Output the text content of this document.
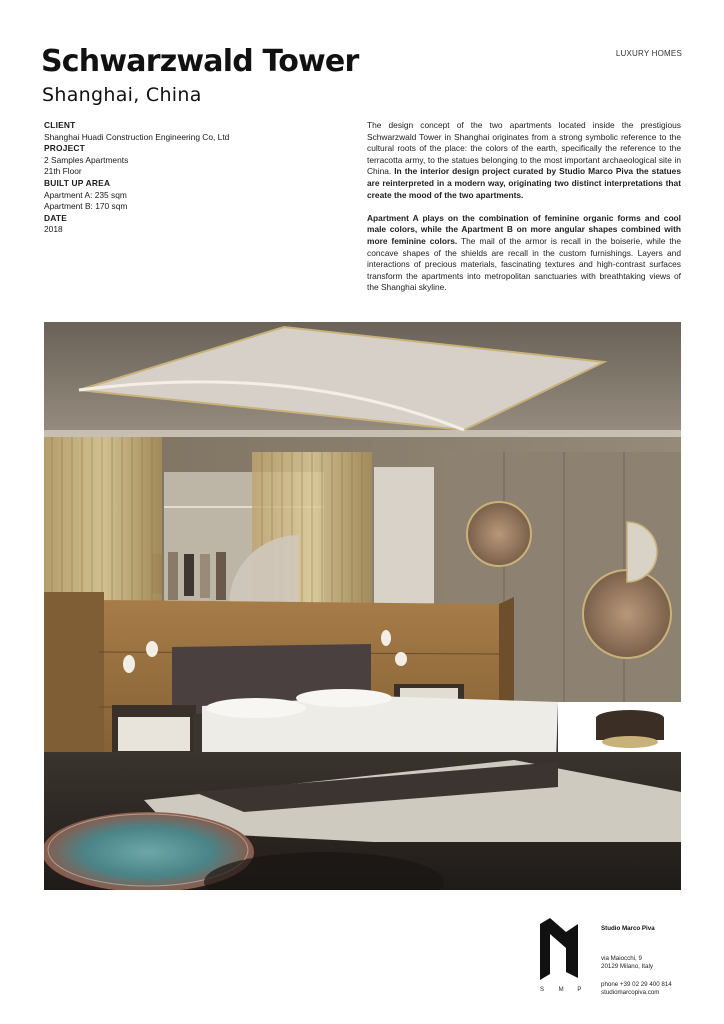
Schwarzwald Tower
Shanghai, China
LUXURY HOMES
CLIENT
Shanghai Huadi Construction Engineering Co, Ltd
PROJECT
2 Samples Apartments
21th Floor
BUILT UP AREA
Apartment A: 235 sqm
Apartment B: 170 sqm
DATE
2018

The design concept of the two apartments located inside the prestigious Schwarzwald Tower in Shanghai originates from a strong symbolic reference to the cultural roots of the place: the colors of the earth, specifically the reference to the terracotta army, to the statues belonging to the most important archaeological site in China. In the interior design project curated by Studio Marco Piva the statues are reinterpreted in a modern way, originating two distinct interpretations that create the mood of the two apartments.

Apartment A plays on the combination of feminine organic forms and cool male colors, while the Apartment B on more angular shapes combined with more feminine colors. The mail of the armor is recall in the boiserie, while the concave shapes of the shields are recall in the custom furnishings. Layers and interactions of precious materials, fascinating textures and high-contrast surfaces transform the apartments into metropolitan sanctuaries with breathtaking views of the Shanghai skyline.

S M P
Studio Marco Piva
via Maiocchi, 9
20129 Milano, Italy
phone +39 02 29 400 814
studiomarcopiva.com
